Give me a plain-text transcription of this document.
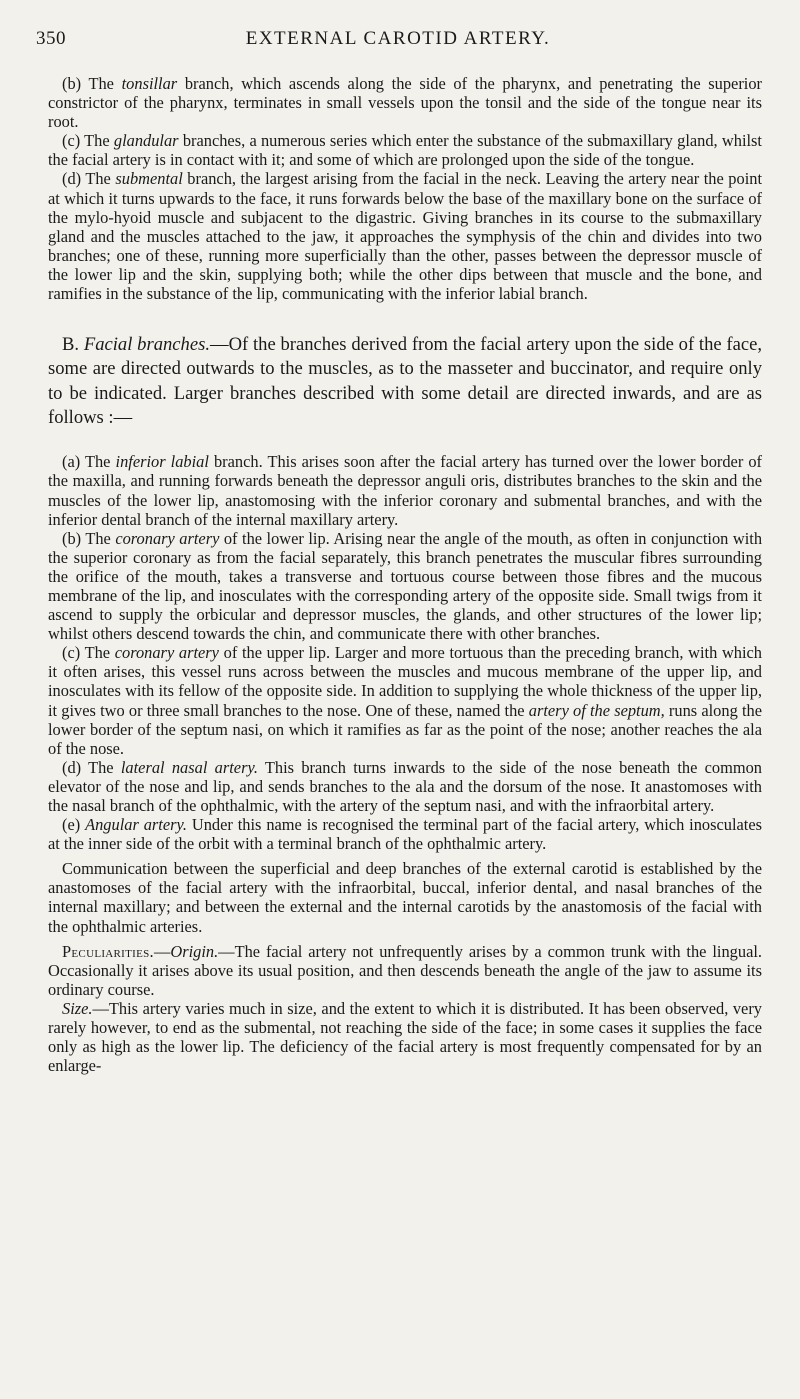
350	EXTERNAL CAROTID ARTERY.

(b) The tonsillar branch, which ascends along the side of the pharynx, and penetrating the superior constrictor of the pharynx, terminates in small vessels upon the tonsil and the side of the tongue near its root.

(c) The glandular branches, a numerous series which enter the substance of the submaxillary gland, whilst the facial artery is in contact with it; and some of which are prolonged upon the side of the tongue.

(d) The submental branch, the largest arising from the facial in the neck. Leaving the artery near the point at which it turns upwards to the face, it runs forwards below the base of the maxillary bone on the surface of the mylo-hyoid muscle and subjacent to the digastric. Giving branches in its course to the submaxillary gland and the muscles attached to the jaw, it approaches the symphysis of the chin and divides into two branches; one of these, running more superficially than the other, passes between the depressor muscle of the lower lip and the skin, supplying both; while the other dips between that muscle and the bone, and ramifies in the substance of the lip, communicating with the inferior labial branch.

B. Facial branches.—Of the branches derived from the facial artery upon the side of the face, some are directed outwards to the muscles, as to the masseter and buccinator, and require only to be indicated. Larger branches described with some detail are directed inwards, and are as follows :—

(a) The inferior labial branch. This arises soon after the facial artery has turned over the lower border of the maxilla, and running forwards beneath the depressor anguli oris, distributes branches to the skin and the muscles of the lower lip, anastomosing with the inferior coronary and submental branches, and with the inferior dental branch of the internal maxillary artery.

(b) The coronary artery of the lower lip. Arising near the angle of the mouth, as often in conjunction with the superior coronary as from the facial separately, this branch penetrates the muscular fibres surrounding the orifice of the mouth, takes a transverse and tortuous course between those fibres and the mucous membrane of the lip, and inosculates with the corresponding artery of the opposite side. Small twigs from it ascend to supply the orbicular and depressor muscles, the glands, and other structures of the lower lip; whilst others descend towards the chin, and communicate there with other branches.

(c) The coronary artery of the upper lip. Larger and more tortuous than the preceding branch, with which it often arises, this vessel runs across between the muscles and mucous membrane of the upper lip, and inosculates with its fellow of the opposite side. In addition to supplying the whole thickness of the upper lip, it gives two or three small branches to the nose. One of these, named the artery of the septum, runs along the lower border of the septum nasi, on which it ramifies as far as the point of the nose; another reaches the ala of the nose.

(d) The lateral nasal artery. This branch turns inwards to the side of the nose beneath the common elevator of the nose and lip, and sends branches to the ala and the dorsum of the nose. It anastomoses with the nasal branch of the ophthalmic, with the artery of the septum nasi, and with the infraorbital artery.

(e) Angular artery. Under this name is recognised the terminal part of the facial artery, which inosculates at the inner side of the orbit with a terminal branch of the ophthalmic artery.

Communication between the superficial and deep branches of the external carotid is established by the anastomoses of the facial artery with the infraorbital, buccal, inferior dental, and nasal branches of the internal maxillary; and between the external and the internal carotids by the anastomosis of the facial with the ophthalmic arteries.

Peculiarities.—Origin.—The facial artery not unfrequently arises by a common trunk with the lingual. Occasionally it arises above its usual position, and then descends beneath the angle of the jaw to assume its ordinary course.

Size.—This artery varies much in size, and the extent to which it is distributed. It has been observed, very rarely however, to end as the submental, not reaching the side of the face; in some cases it supplies the face only as high as the lower lip. The deficiency of the facial artery is most frequently compensated for by an enlarge-
